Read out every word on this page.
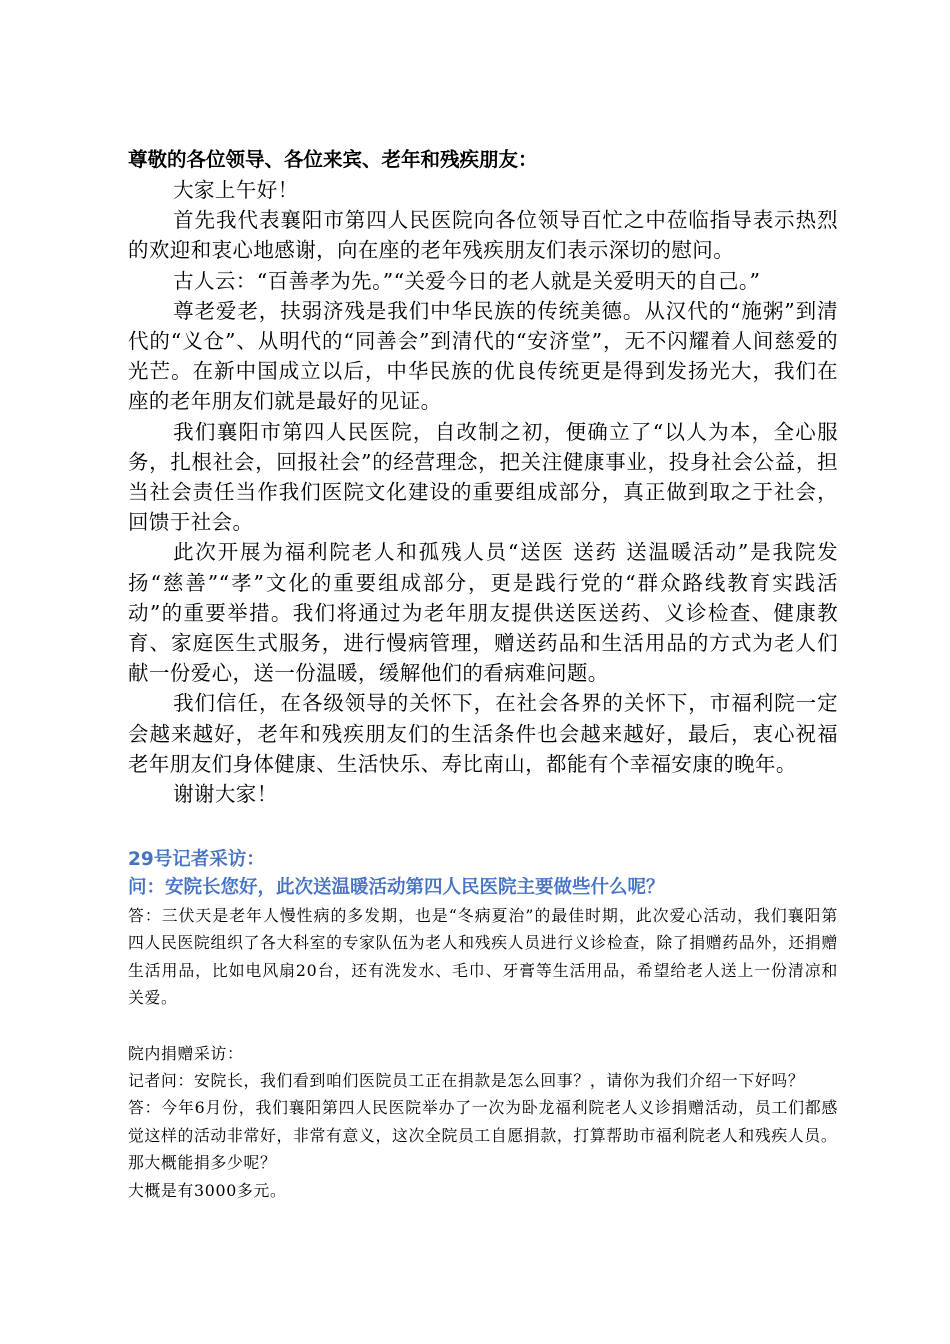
尊敬的各位领导、各位来宾、老年和残疾朋友：

大家上午好！

首先我代表襄阳市第四人民医院向各位领导百忙之中莅临指导表示热烈的欢迎和衷心地感谢，向在座的老年残疾朋友们表示深切的慰问。

古人云：“百善孝为先。”“关爱今日的老人就是关爱明天的自己。”

尊老爱老，扶弱济残是我们中华民族的传统美德。从汉代的“施粥”到清代的“义仓”、从明代的“同善会”到清代的“安济堂”，无不闪耀着人间慈爱的光芒。在新中国成立以后，中华民族的优良传统更是得到发扬光大，我们在座的老年朋友们就是最好的见证。

我们襄阳市第四人民医院，自改制之初，便确立了“以人为本，全心服务，扎根社会，回报社会”的经营理念，把关注健康事业，投身社会公益，担当社会责任当作我们医院文化建设的重要组成部分，真正做到取之于社会，回馈于社会。

此次开展为福利院老人和孤残人员“送医 送药 送温暖活动”是我院发扬“慈善”“孝”文化的重要组成部分，更是践行党的“群众路线教育实践活动”的重要举措。我们将通过为老年朋友提供送医送药、义诊检查、健康教育、家庭医生式服务，进行慢病管理，赠送药品和生活用品的方式为老人们献一份爱心，送一份温暖，缓解他们的看病难问题。

我们信任，在各级领导的关怀下，在社会各界的关怀下，市福利院一定会越来越好，老年和残疾朋友们的生活条件也会越来越好，最后，衷心祝福老年朋友们身体健康、生活快乐、寿比南山，都能有个幸福安康的晚年。

谢谢大家！

29号记者采访：
问：安院长您好，此次送温暖活动第四人民医院主要做些什么呢？

答：三伏天是老年人慢性病的多发期，也是“冬病夏治”的最佳时期，此次爱心活动，我们襄阳第四人民医院组织了各大科室的专家队伍为老人和残疾人员进行义诊检查，除了捐赠药品外，还捐赠生活用品，比如电风扇20台，还有洗发水、毛巾、牙膏等生活用品，希望给老人送上一份清凉和关爱。

院内捐赠采访：

记者问：安院长，我们看到咱们医院员工正在捐款是怎么回事？，请你为我们介绍一下好吗？

答：今年6月份，我们襄阳第四人民医院举办了一次为卧龙福利院老人义诊捐赠活动，员工们都感觉这样的活动非常好，非常有意义，这次全院员工自愿捐款，打算帮助市福利院老人和残疾人员。

那大概能捐多少呢？

大概是有3000多元。
